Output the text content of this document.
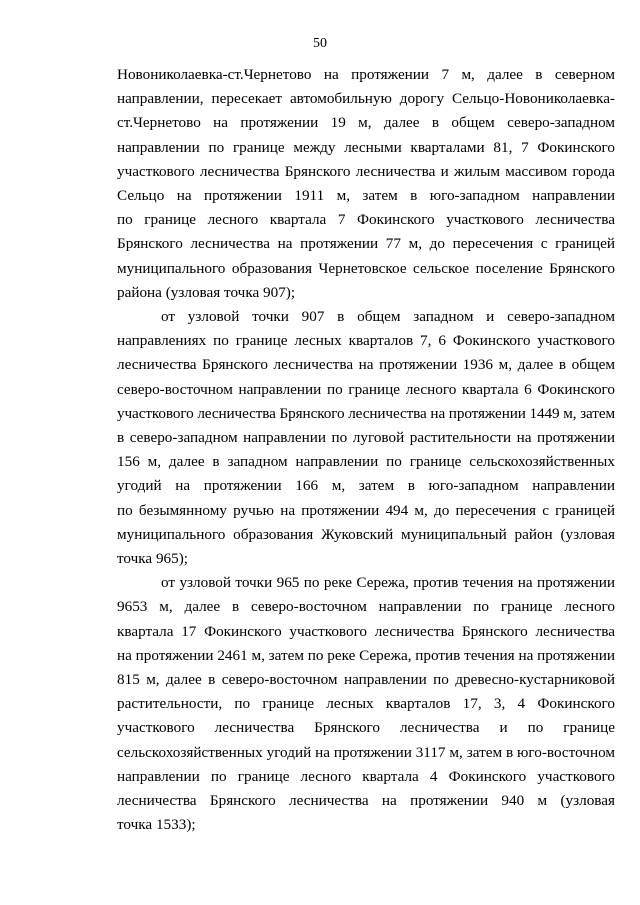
50
Новониколаевка-ст.Чернетово на протяжении 7 м, далее в северном
направлении, пересекает автомобильную дорогу Сельцо-Новониколаевка-
ст.Чернетово на протяжении 19 м, далее в общем северо-западном
направлении по границе между лесными кварталами 81, 7 Фокинского
участкового лесничества Брянского лесничества и жилым массивом города
Сельцо на протяжении 1911 м, затем в юго-западном направлении
по границе лесного квартала 7 Фокинского участкового лесничества
Брянского лесничества на протяжении 77 м, до пересечения с границей
муниципального образования Чернетовское сельское поселение Брянского
района (узловая точка 907);
от узловой точки 907 в общем западном и северо-западном
направлениях по границе лесных кварталов 7, 6 Фокинского участкового
лесничества Брянского лесничества на протяжении 1936 м, далее в общем
северо-восточном направлении по границе лесного квартала 6 Фокинского
участкового лесничества Брянского лесничества на протяжении 1449 м, затем
в северо-западном направлении по луговой растительности на протяжении
156 м, далее в западном направлении по границе сельскохозяйственных
угодий на протяжении 166 м, затем в юго-западном направлении
по безымянному ручью на протяжении 494 м, до пересечения с границей
муниципального образования Жуковский муниципальный район (узловая
точка 965);
от узловой точки 965 по реке Сережа, против течения на протяжении
9653 м, далее в северо-восточном направлении по границе лесного
квартала 17 Фокинского участкового лесничества Брянского лесничества
на протяжении 2461 м, затем по реке Сережа, против течения на протяжении
815 м, далее в северо-восточном направлении по древесно-кустарниковой
растительности, по границе лесных кварталов 17, 3, 4 Фокинского
участкового лесничества Брянского лесничества и по границе
сельскохозяйственных угодий на протяжении 3117 м, затем в юго-восточном
направлении по границе лесного квартала 4 Фокинского участкового
лесничества Брянского лесничества на протяжении 940 м (узловая
точка 1533);
